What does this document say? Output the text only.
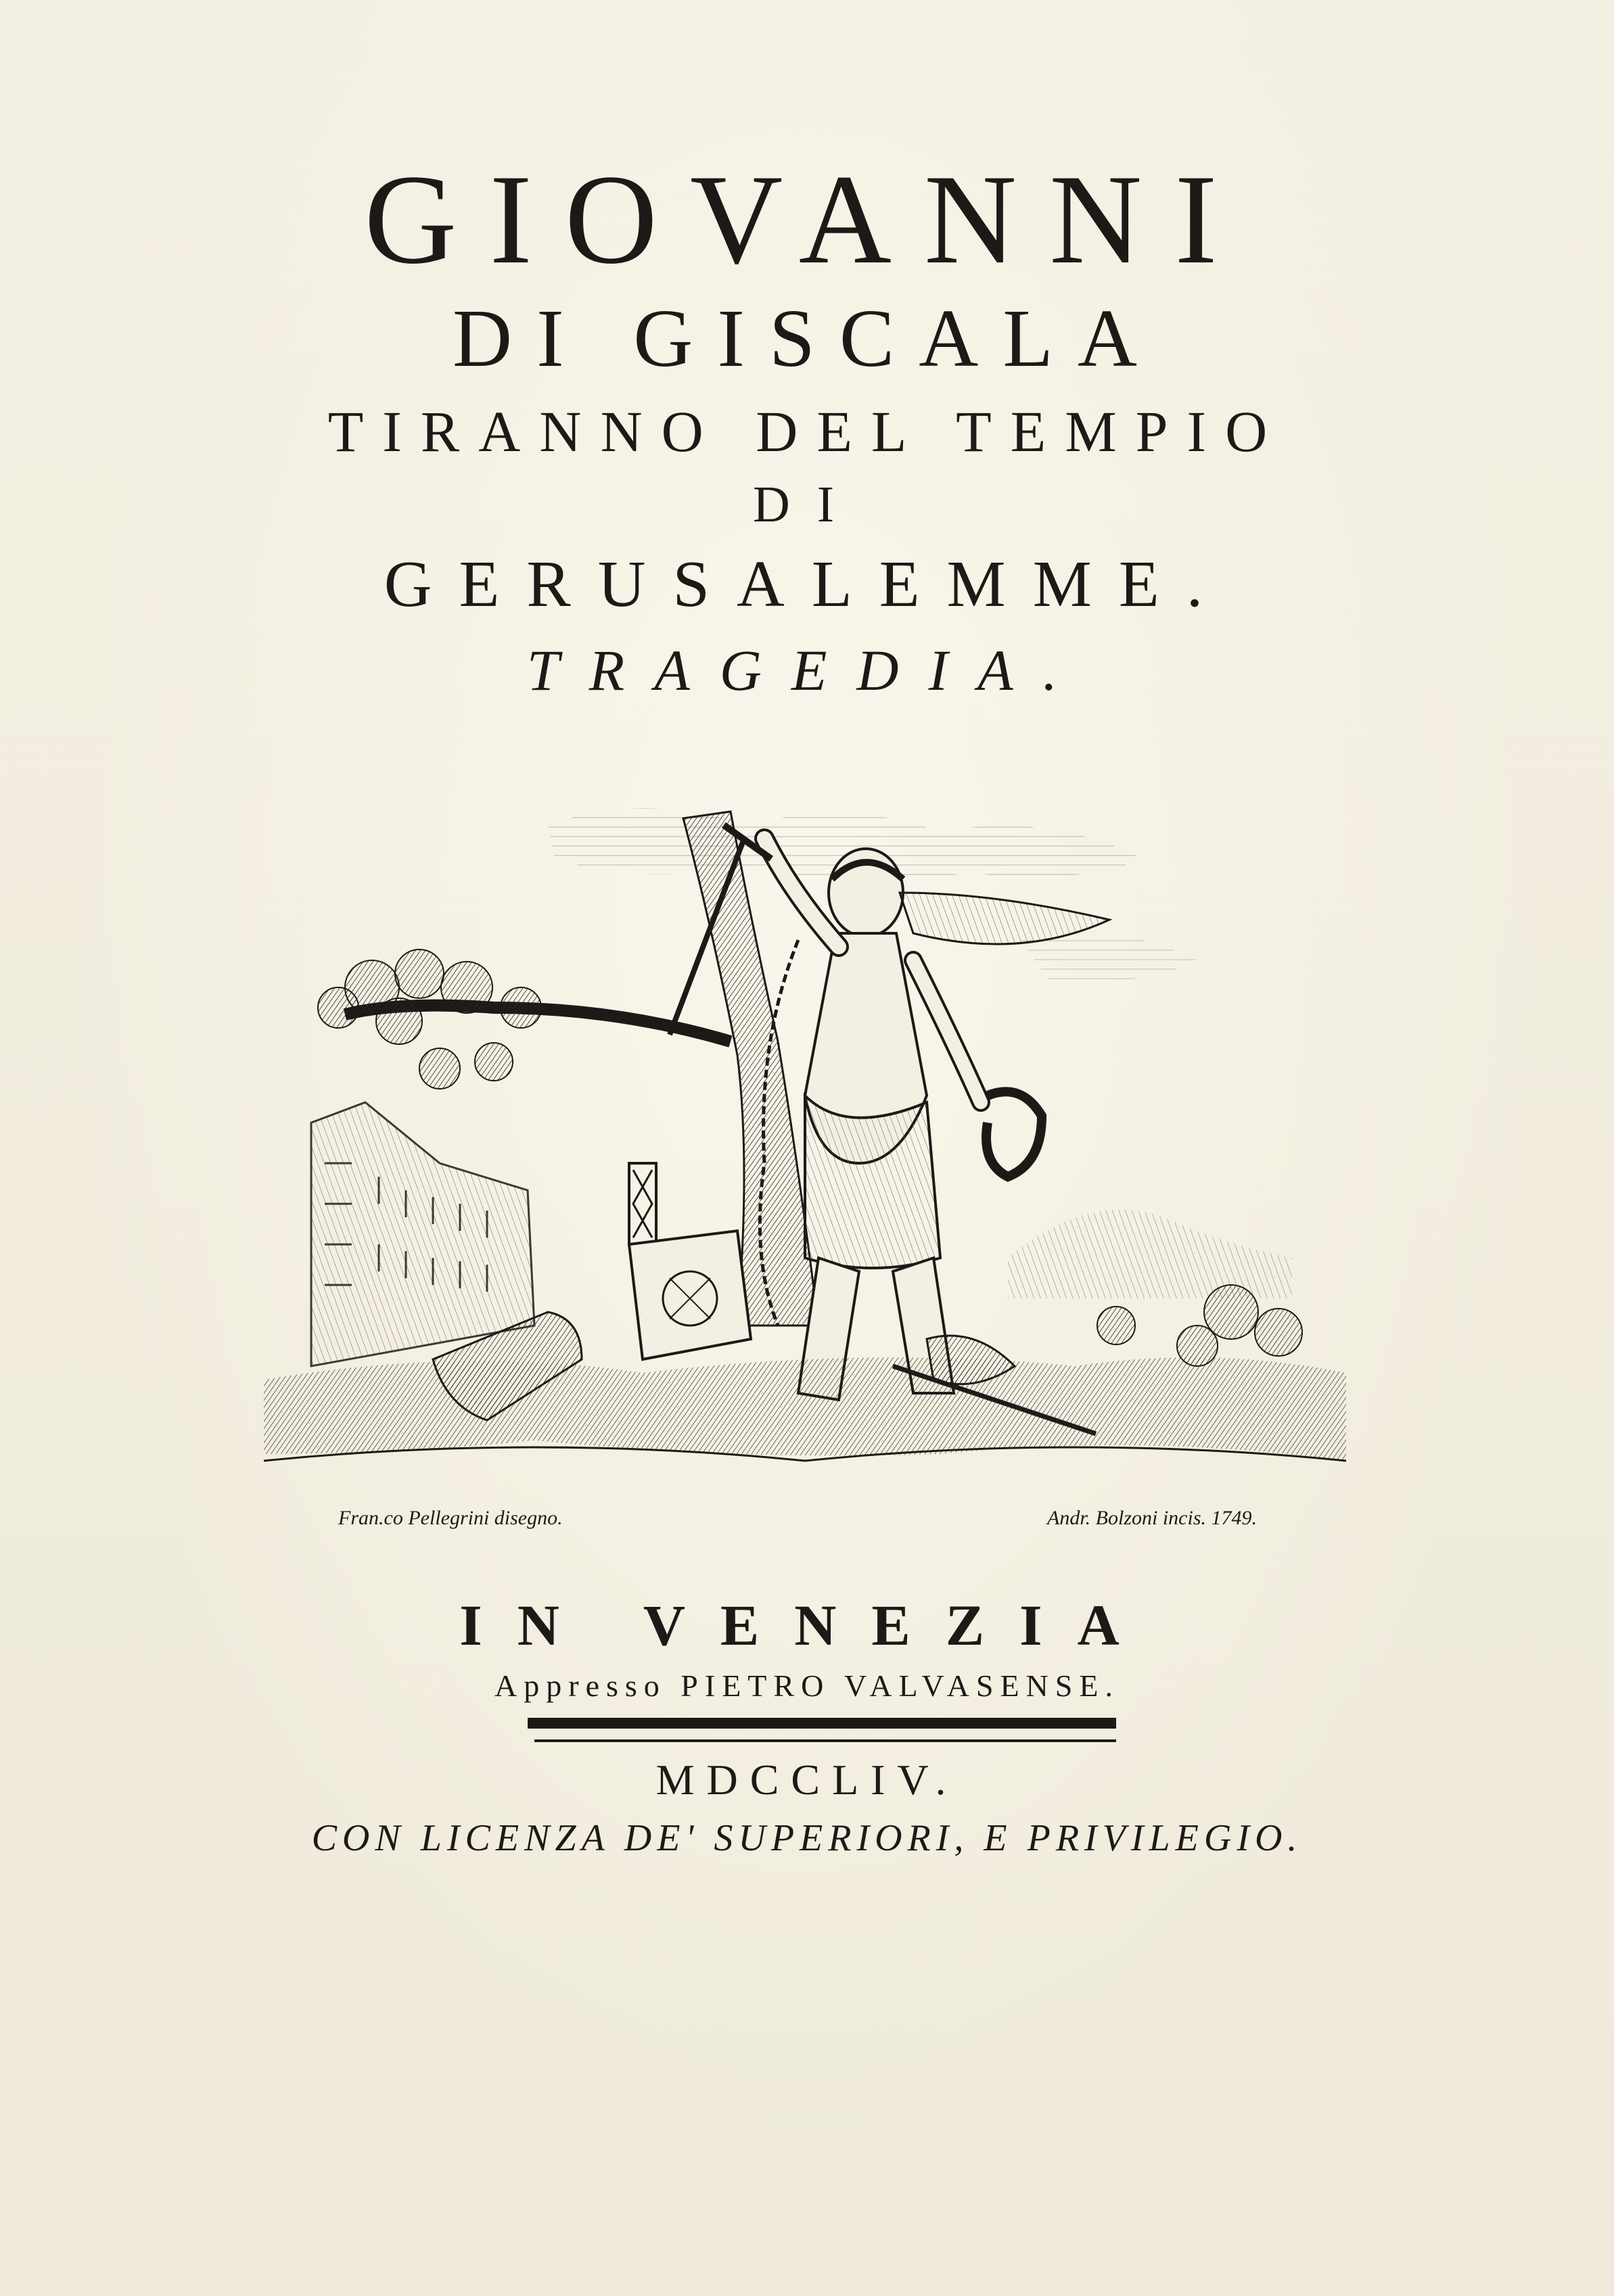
GIOVANNI
DI GISCALA
TIRANNO DEL TEMPIO
DI
GERUSALEMME.
TRAGEDIA.
Fran.co Pellegrini disegno.	Andr. Bolzoni incis. 1749.
IN VENEZIA
Appresso PIETRO VALVASENSE.
MDCCLIV.
CON LICENZA DE' SUPERIORI, E PRIVILEGIO.
